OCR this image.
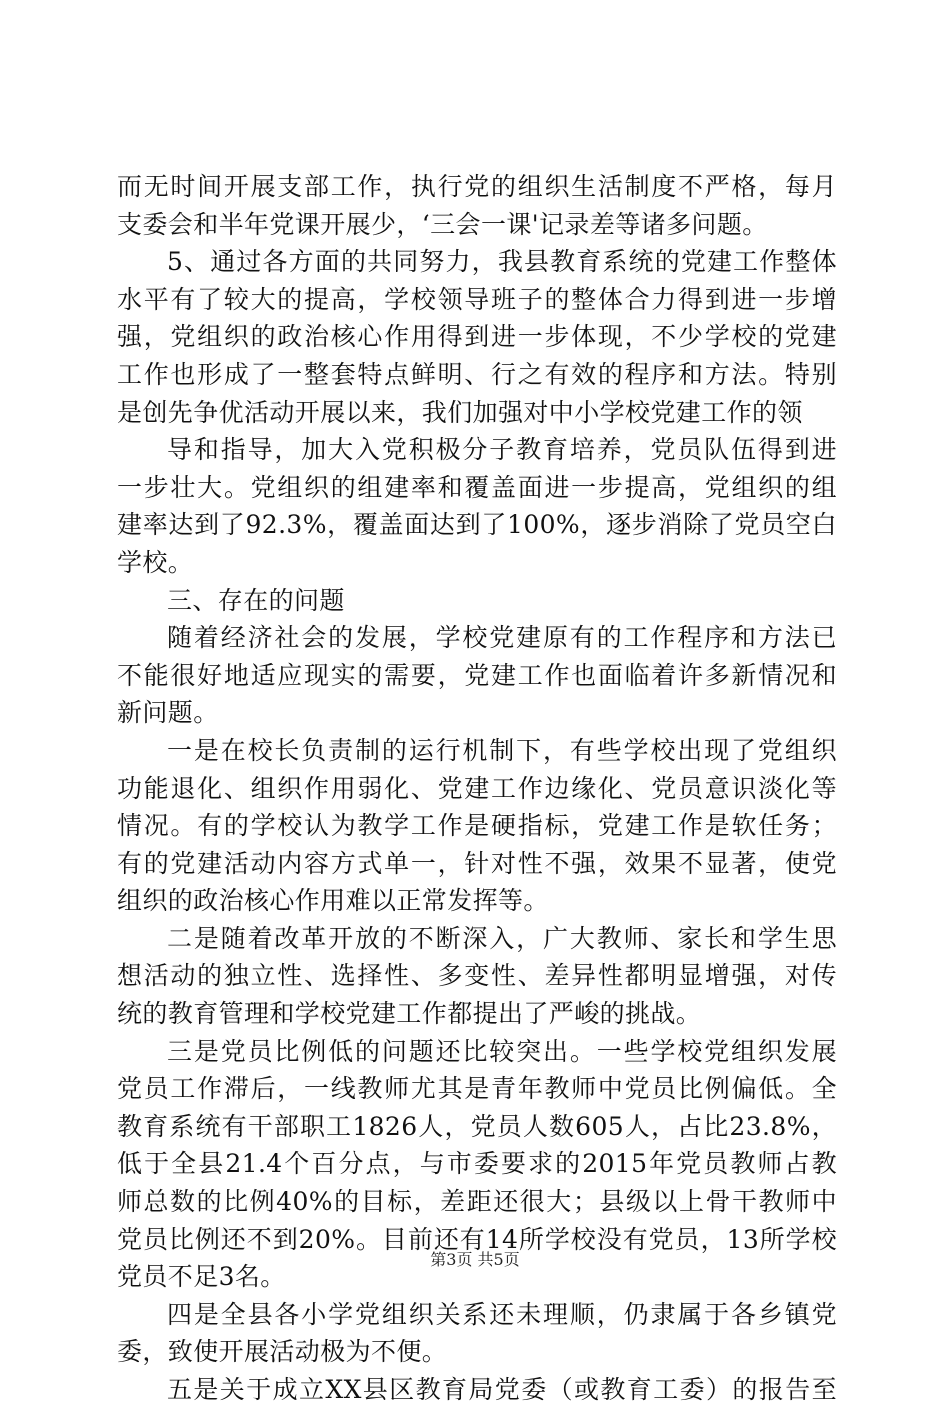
而无时间开展支部工作，执行党的组织生活制度不严格，每月
支委会和半年党课开展少，‘三会一课'记录差等诸多问题。
5、通过各方面的共同努力，我县教育系统的党建工作整体
水平有了较大的提高，学校领导班子的整体合力得到进一步增
强，党组织的政治核心作用得到进一步体现，不少学校的党建
工作也形成了一整套特点鲜明、行之有效的程序和方法。特别
是创先争优活动开展以来，我们加强对中小学校党建工作的领
导和指导，加大入党积极分子教育培养，党员队伍得到进
一步壮大。党组织的组建率和覆盖面进一步提高，党组织的组
建率达到了92.3%，覆盖面达到了100%，逐步消除了党员空白
学校。
三、存在的问题
随着经济社会的发展，学校党建原有的工作程序和方法已
不能很好地适应现实的需要，党建工作也面临着许多新情况和
新问题。
一是在校长负责制的运行机制下，有些学校出现了党组织
功能退化、组织作用弱化、党建工作边缘化、党员意识淡化等
情况。有的学校认为教学工作是硬指标，党建工作是软任务；
有的党建活动内容方式单一，针对性不强，效果不显著，使党
组织的政治核心作用难以正常发挥等。
二是随着改革开放的不断深入，广大教师、家长和学生思
想活动的独立性、选择性、多变性、差异性都明显增强，对传
统的教育管理和学校党建工作都提出了严峻的挑战。
三是党员比例低的问题还比较突出。一些学校党组织发展
党员工作滞后，一线教师尤其是青年教师中党员比例偏低。全
教育系统有干部职工1826人，党员人数605人，占比23.8%，
低于全县21.4个百分点，与市委要求的2015年党员教师占教
师总数的比例40%的目标，差距还很大；县级以上骨干教师中
党员比例还不到20%。目前还有14所学校没有党员，13所学校
党员不足3名。
四是全县各小学党组织关系还未理顺，仍隶属于各乡镇党
委，致使开展活动极为不便。
五是关于成立XX县区教育局党委（或教育工委）的报告至
第3页 共5页
